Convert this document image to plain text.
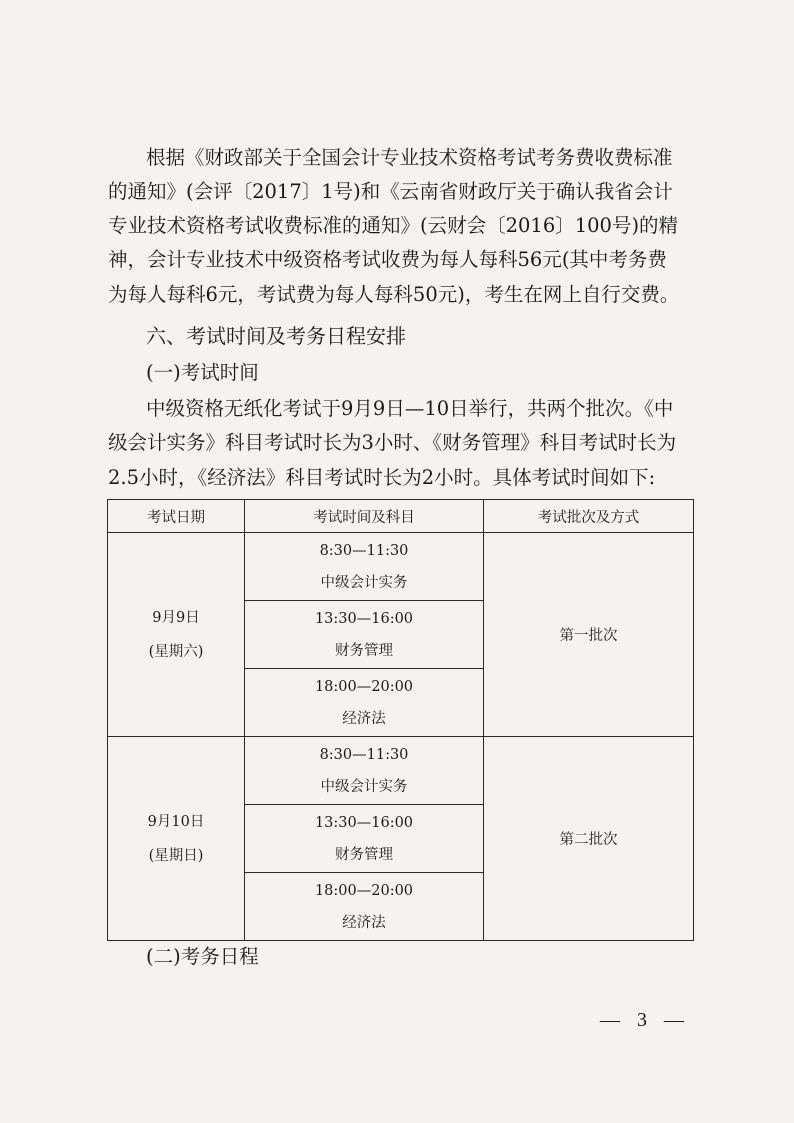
根据《财政部关于全国会计专业技术资格考试考务费收费标准
的通知》(会评〔2017〕1号)和《云南省财政厅关于确认我省会计
专业技术资格考试收费标准的通知》(云财会〔2016〕100号)的精
神，会计专业技术中级资格考试收费为每人每科56元(其中考务费
为每人每科6元，考试费为每人每科50元)，考生在网上自行交费。
六、考试时间及考务日程安排
(一)考试时间
中级资格无纸化考试于9月9日—10日举行，共两个批次。《中
级会计实务》科目考试时长为3小时、《财务管理》科目考试时长为
2.5小时，《经济法》科目考试时长为2小时。具体考试时间如下:
考试日期	考试时间及科目	考试批次及方式

9月9日
(星期六)	8:30—11:30
中级会计实务	第一批次

	13:30—16:00
财务管理	

	18:00—20:00
经济法	

9月10日
(星期日)	8:30—11:30
中级会计实务	第二批次

	13:30—16:00
财务管理	

	18:00—20:00
经济法	
(二)考务日程
— 3 —
